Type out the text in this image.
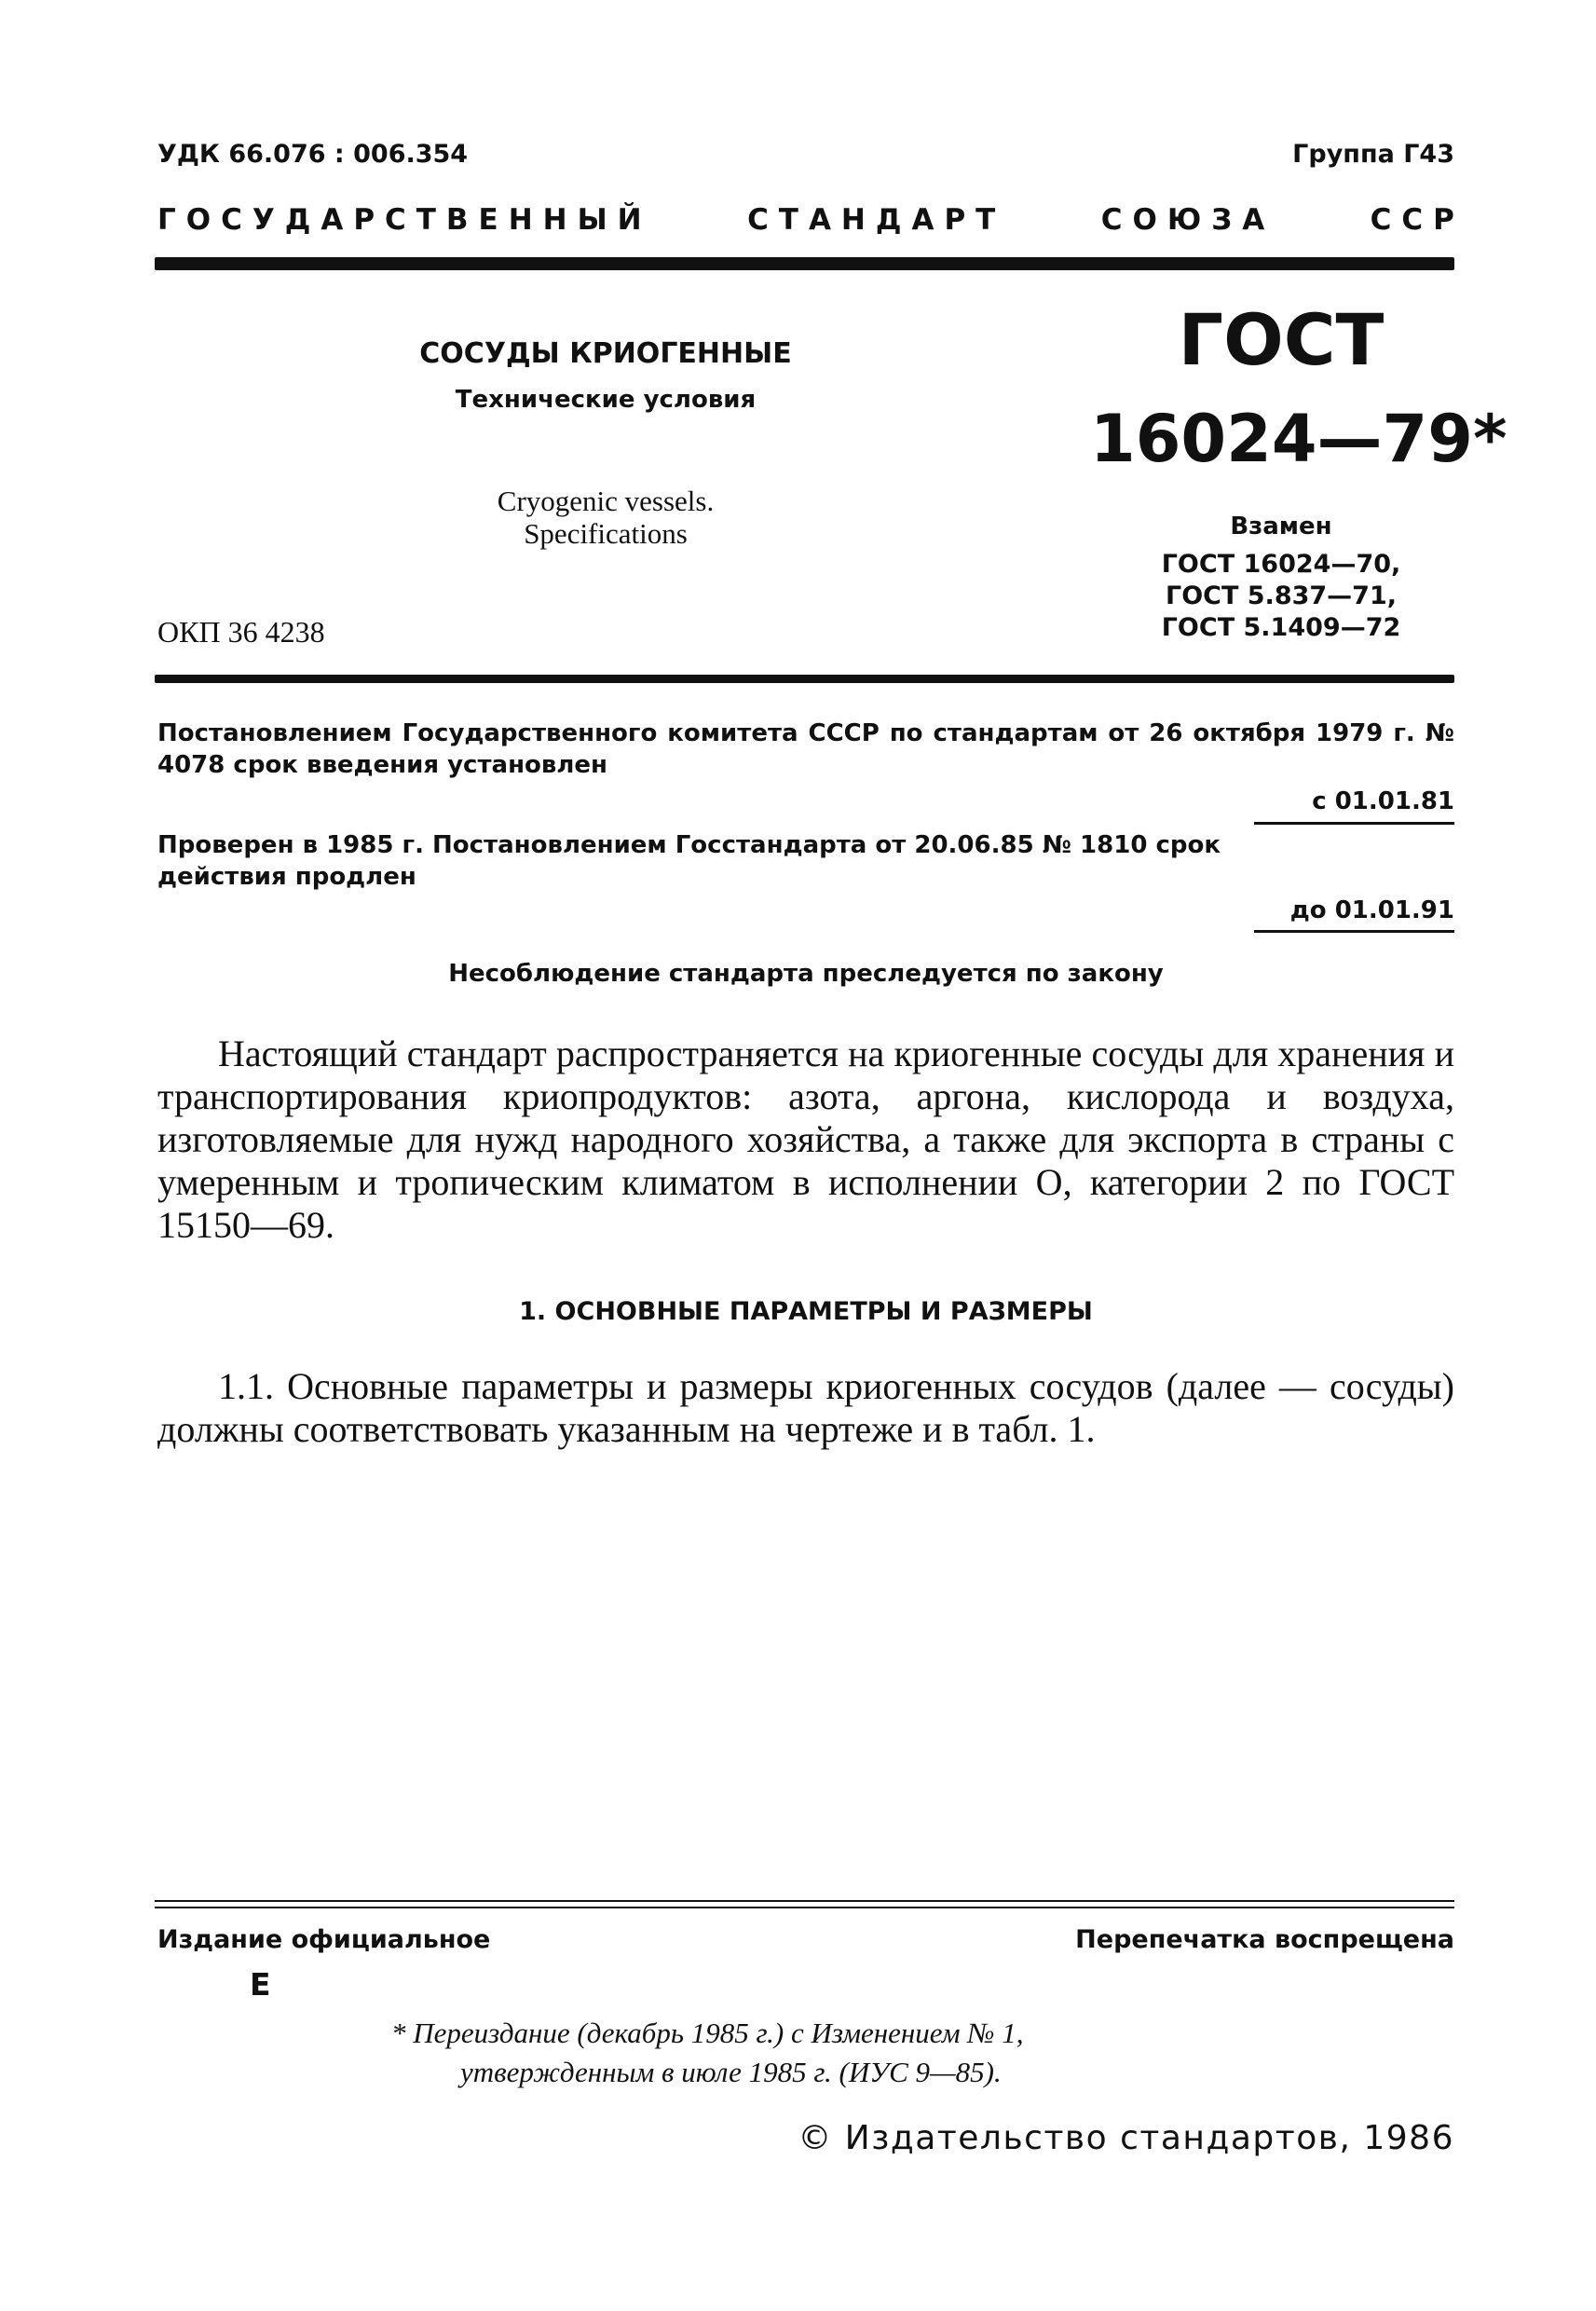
УДК 66.076 : 006.354	Группа Г43
Г О С У Д А Р С Т В Е Н Н Ы Й	С Т А Н Д А Р Т	С О Ю З А	С С Р
СОСУДЫ КРИОГЕННЫЕ
Технические условия
Cryogenic vessels.
Specifications
ОКП 36 4238
ГОСТ
16024—79*
Взамен
ГОСТ 16024—70,
ГОСТ 5.837—71,
ГОСТ 5.1409—72
Постановлением Государственного комитета СССР по стандартам от 26 октября 1979 г. № 4078 срок введения установлен
с 01.01.81
Проверен в 1985 г. Постановлением Госстандарта от 20.06.85 № 1810 срок действия продлен
до 01.01.91
Несоблюдение стандарта преследуется по закону
Настоящий стандарт распространяется на криогенные сосуды для хранения и транспортирования криопродуктов: азота, аргона, кислорода и воздуха, изготовляемые для нужд народного хозяйства, а также для экспорта в страны с умеренным и тропическим климатом в исполнении О, категории 2 по ГОСТ 15150—69.
1. ОСНОВНЫЕ ПАРАМЕТРЫ И РАЗМЕРЫ
1.1. Основные параметры и размеры криогенных сосудов (далее — сосуды) должны соответствовать указанным на чертеже и в табл. 1.
Издание официальное	Перепечатка воспрещена
Е
* Переиздание (декабрь 1985 г.) с Изменением № 1,
утвержденным в июле 1985 г. (ИУС 9—85).
© Издательство стандартов, 1986
